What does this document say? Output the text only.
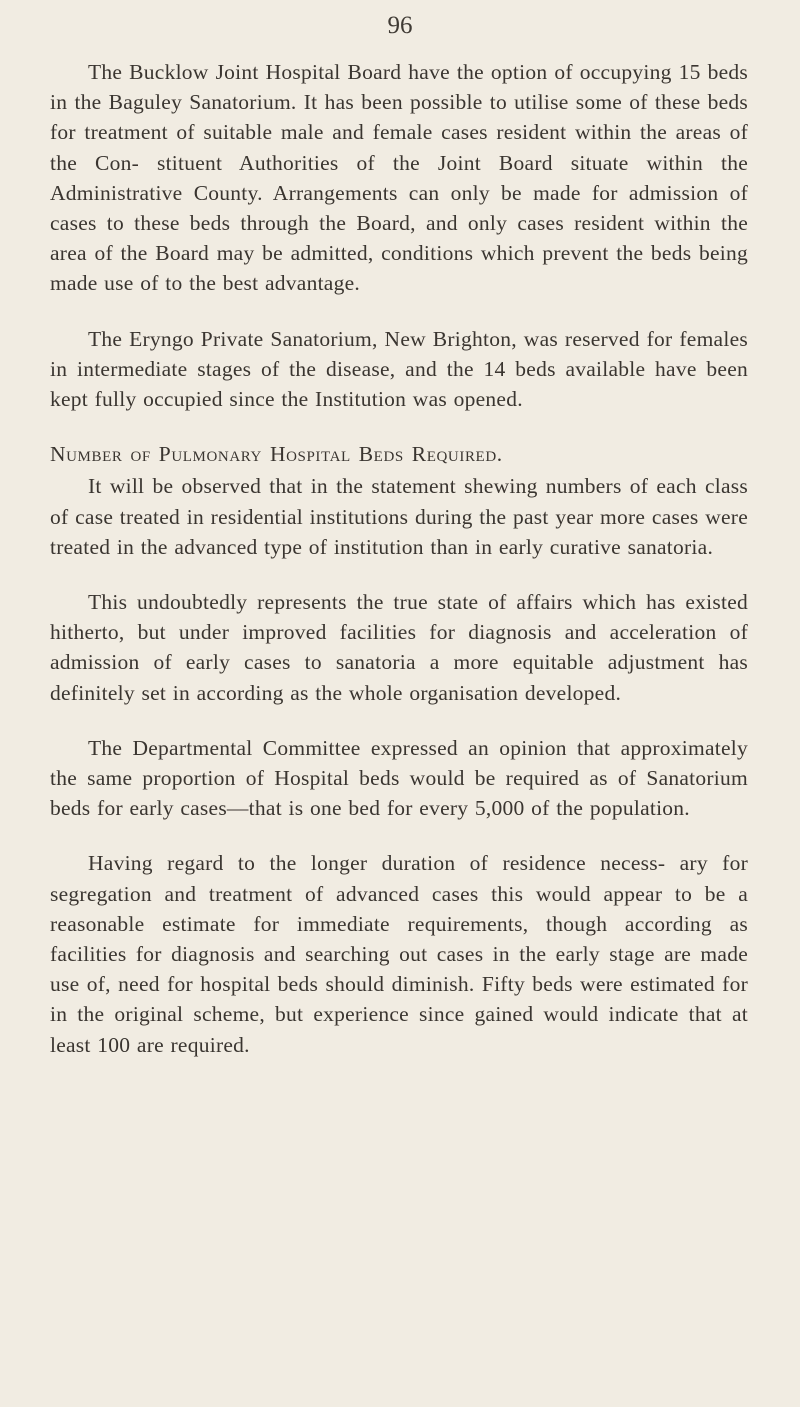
96

The Bucklow Joint Hospital Board have the option of occupying 15 beds in the Baguley Sanatorium. It has been possible to utilise some of these beds for treatment of suitable male and female cases resident within the areas of the Con- stituent Authorities of the Joint Board situate within the Administrative County. Arrangements can only be made for admission of cases to these beds through the Board, and only cases resident within the area of the Board may be admitted, conditions which prevent the beds being made use of to the best advantage.

The Eryngo Private Sanatorium, New Brighton, was reserved for females in intermediate stages of the disease, and the 14 beds available have been kept fully occupied since the Institution was opened.

Number of Pulmonary Hospital Beds Required.

It will be observed that in the statement shewing numbers of each class of case treated in residential institutions during the past year more cases were treated in the advanced type of institution than in early curative sanatoria.

This undoubtedly represents the true state of affairs which has existed hitherto, but under improved facilities for diagnosis and acceleration of admission of early cases to sanatoria a more equitable adjustment has definitely set in according as the whole organisation developed.

The Departmental Committee expressed an opinion that approximately the same proportion of Hospital beds would be required as of Sanatorium beds for early cases—that is one bed for every 5,000 of the population.

Having regard to the longer duration of residence necess- ary for segregation and treatment of advanced cases this would appear to be a reasonable estimate for immediate requirements, though according as facilities for diagnosis and searching out cases in the early stage are made use of, need for hospital beds should diminish. Fifty beds were estimated for in the original scheme, but experience since gained would indicate that at least 100 are required.
